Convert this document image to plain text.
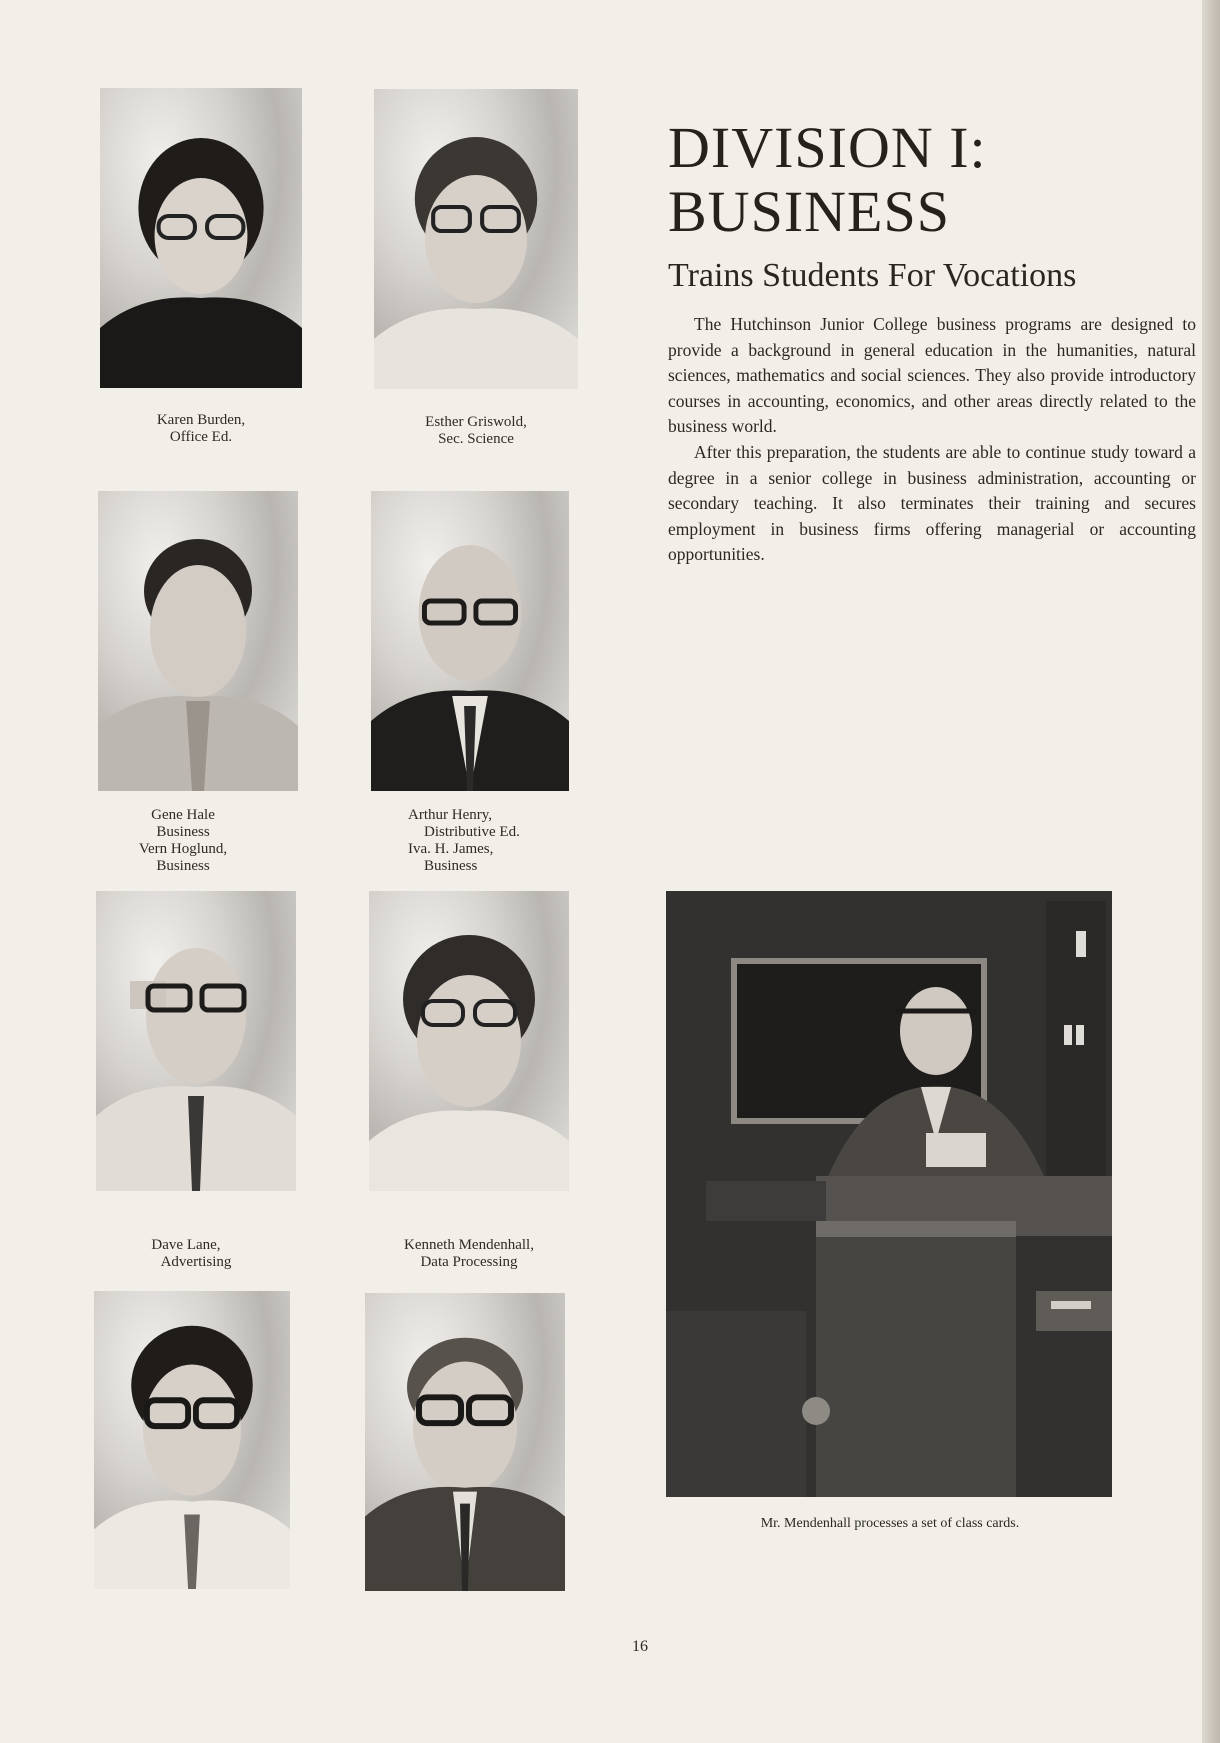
Karen Burden,
Office Ed.
Esther Griswold,
Sec. Science
Gene Hale
Business
Vern Hoglund,
Business
Arthur Henry,
Distributive Ed.
Iva. H. James,
Business
Dave Lane,
Advertising
Kenneth Mendenhall,
Data Processing
DIVISION I:
BUSINESS
Trains Students For Vocations

The Hutchinson Junior College business programs are designed to provide a background in general education in the humanities, natural sciences, mathematics and social sciences. They also provide introductory courses in accounting, economics, and other areas directly related to the business world.

After this preparation, the students are able to continue study toward a degree in a senior college in business administration, accounting or secondary teaching. It also terminates their training and secures employment in business firms offering managerial or accounting opportunities.

Mr. Mendenhall processes a set of class cards.
16
